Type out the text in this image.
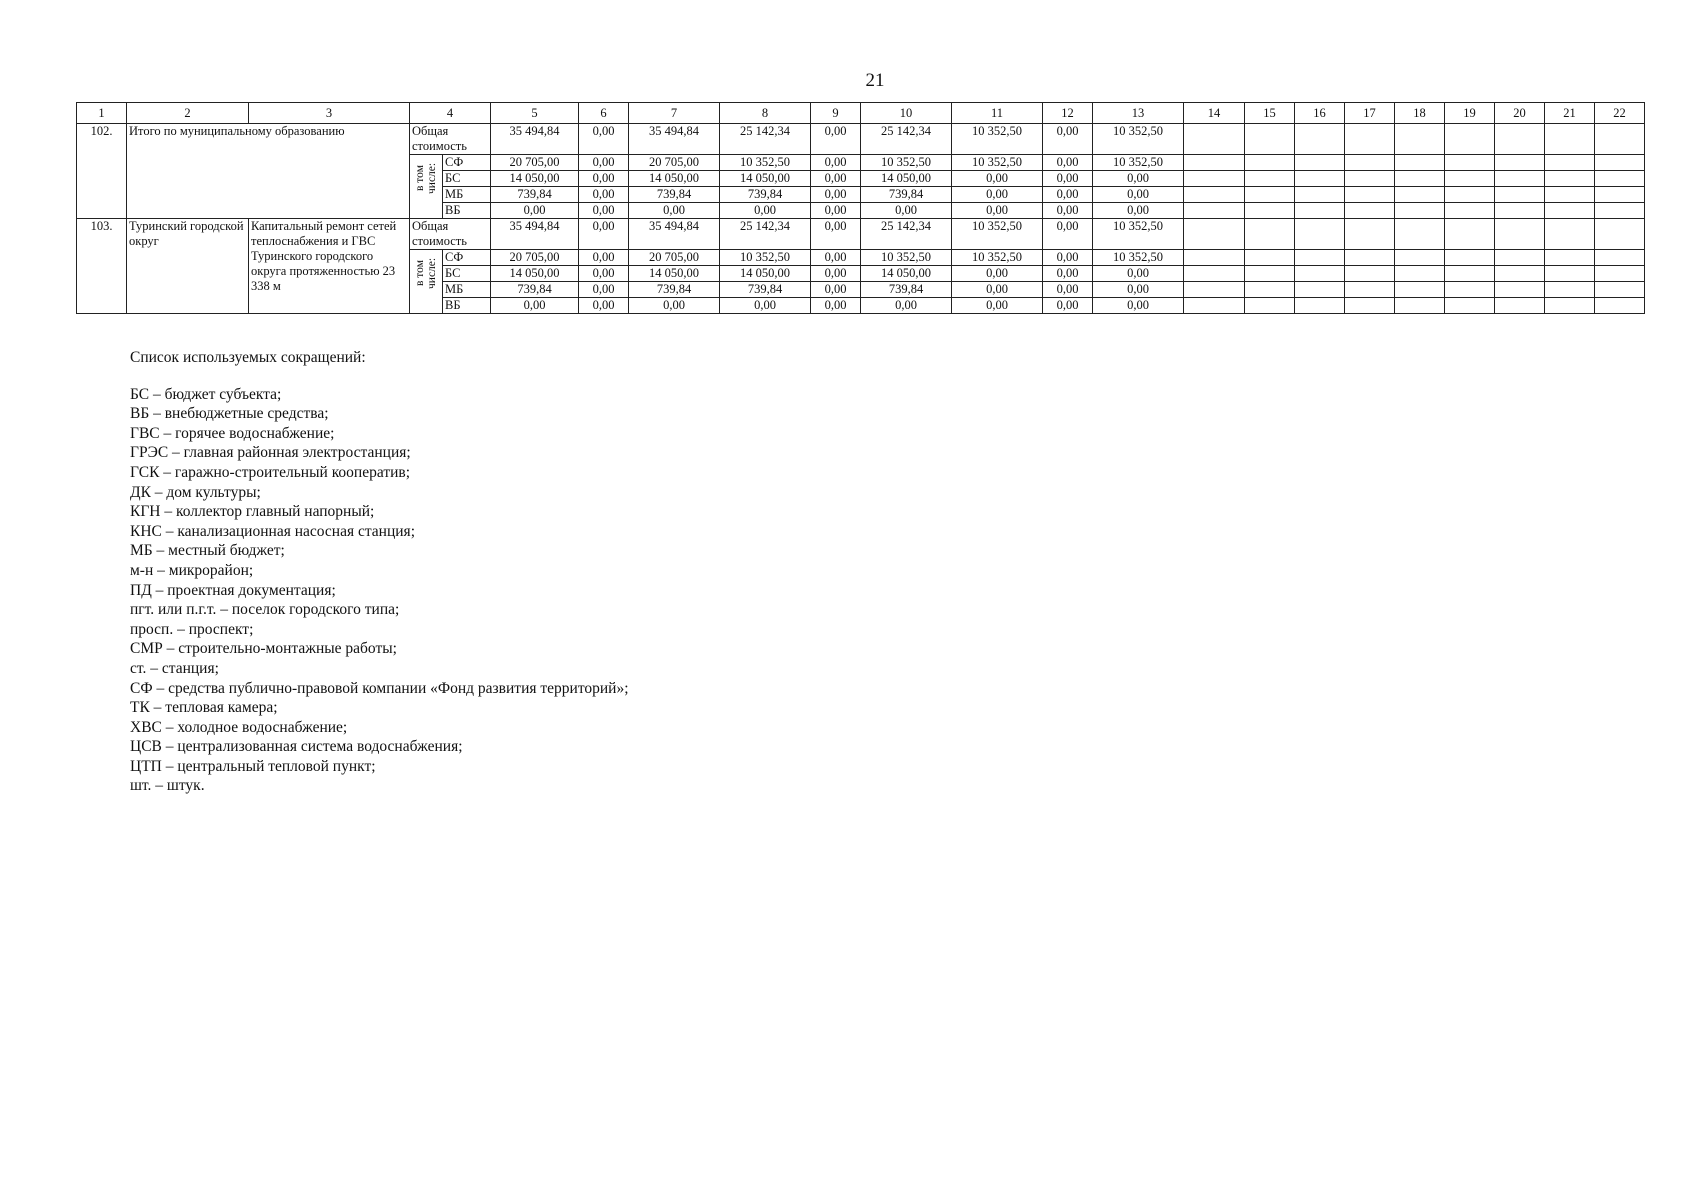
21
1	2	3	4		5	6	7	8	9	10	11	12	13	14	15	16	17	18	19	20	21	22
102.	Итого по муниципальному образованию		Общая стоимость		35 494,84	0,00	35 494,84	25 142,34	0,00	25 142,34	10 352,50	0,00	10 352,50									
			в том числе:	СФ	20 705,00	0,00	20 705,00	10 352,50	0,00	10 352,50	10 352,50	0,00	10 352,50									
				БС	14 050,00	0,00	14 050,00	14 050,00	0,00	14 050,00	0,00	0,00	0,00									
				МБ	739,84	0,00	739,84	739,84	0,00	739,84	0,00	0,00	0,00									
				ВБ	0,00	0,00	0,00	0,00	0,00	0,00	0,00	0,00	0,00									
103.	Туринский городской округ	Капитальный ремонт сетей теплоснабжения и ГВС Туринского городского округа протяженностью 23 338 м	Общая стоимость		35 494,84	0,00	35 494,84	25 142,34	0,00	25 142,34	10 352,50	0,00	10 352,50									
			в том числе:	СФ	20 705,00	0,00	20 705,00	10 352,50	0,00	10 352,50	10 352,50	0,00	10 352,50									
				БС	14 050,00	0,00	14 050,00	14 050,00	0,00	14 050,00	0,00	0,00	0,00									
				МБ	739,84	0,00	739,84	739,84	0,00	739,84	0,00	0,00	0,00									
				ВБ	0,00	0,00	0,00	0,00	0,00	0,00	0,00	0,00	0,00									
Список используемых сокращений:
БС – бюджет субъекта;
ВБ – внебюджетные средства;
ГВС – горячее водоснабжение;
ГРЭС – главная районная электростанция;
ГСК – гаражно-строительный кооператив;
ДК – дом культуры;
КГН – коллектор главный напорный;
КНС – канализационная насосная станция;
МБ – местный бюджет;
м-н – микрорайон;
ПД – проектная документация;
пгт. или п.г.т. – поселок городского типа;
просп. – проспект;
СМР – строительно-монтажные работы;
ст. – станция;
СФ – средства публично-правовой компании «Фонд развития территорий»;
ТК – тепловая камера;
ХВС – холодное водоснабжение;
ЦСВ – централизованная система водоснабжения;
ЦТП – центральный тепловой пункт;
шт. – штук.
